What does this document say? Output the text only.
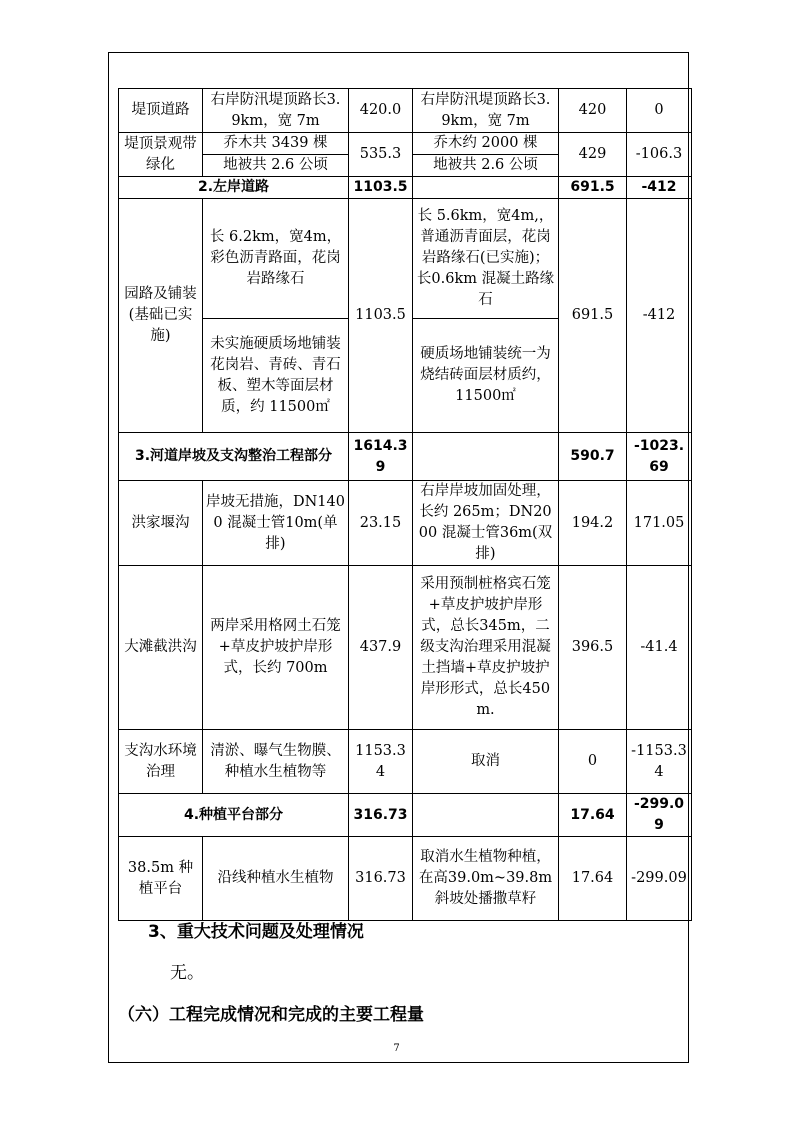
堤顶道路	右岸防汛堤顶路长3.9km，宽 7m	420.0	右岸防汛堤顶路长3.9km，宽 7m	420	0
堤顶景观带绿化	乔木共 3439 棵	535.3	乔木约 2000 棵	429	-106.3
	地被共 2.6 公顷		地被共 2.6 公顷		
2.左岸道路		1103.5		691.5	-412
园路及铺装(基础已实施)	长 6.2km，宽4m，彩色沥青路面，花岗岩路缘石	1103.5	长 5.6km，宽4m,，普通沥青面层，花岗岩路缘石(已实施)；长0.6km 混凝土路缘石	691.5	-412
	未实施硬质场地铺装花岗岩、青砖、青石板、塑木等面层材质，约 11500㎡		硬质场地铺装统一为烧结砖面层材质约，11500㎡		
3.河道岸坡及支沟整治工程部分		1614.39		590.7	-1023.69
洪家堰沟	岸坡无措施，DN1400 混凝士管10m(单排)	23.15	右岸岸坡加固处理，长约 265m；DN2000 混凝士管36m(双排)	194.2	171.05
大滩截洪沟	两岸采用格网土石笼+草皮护坡护岸形式，长约 700m	437.9	采用预制桩格宾石笼+草皮护坡护岸形式，总长345m，二级支沟治理采用混凝土挡墙+草皮护坡护岸形形式，总长450m.	396.5	-41.4
支沟水环境治理	清淤、曝气生物膜、种植水生植物等	1153.34	取消	0	-1153.34
4.种植平台部分		316.73		17.64	-299.09
38.5m 种植平台	沿线种植水生植物	316.73	取消水生植物种植，在高39.0m~39.8m 斜坡处播撒草籽	17.64	-299.09
3、重大技术问题及处理情况
无。
（六）工程完成情况和完成的主要工程量
7
